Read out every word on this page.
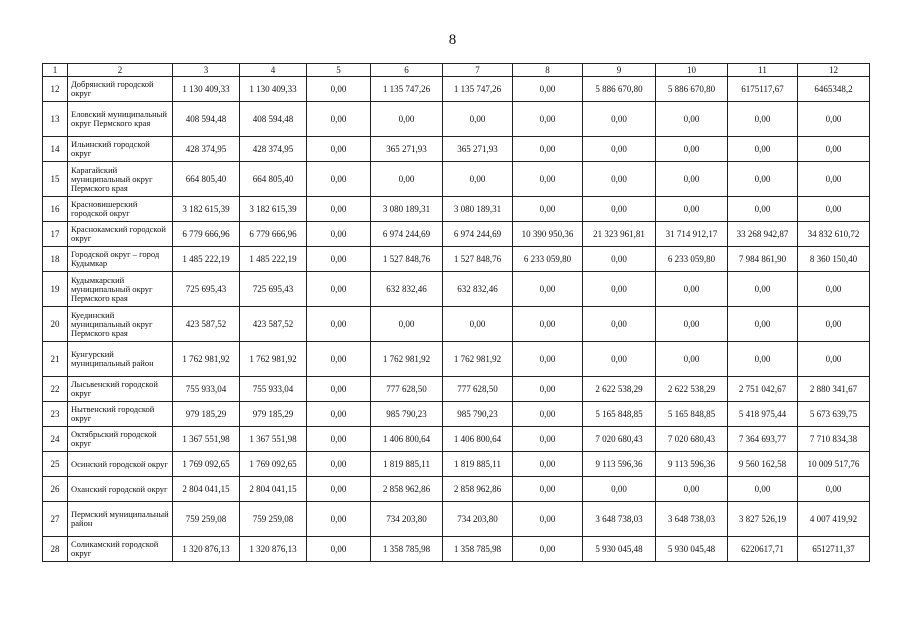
8
1	2	3	4	5	6	7	8	9	10	11	12
12	Добрянский городской округ	1 130 409,33	1 130 409,33	0,00	1 135 747,26	1 135 747,26	0,00	5 886 670,80	5 886 670,80	6175117,67	6465348,2
13	Еловский муниципальный округ Пермского края	408 594,48	408 594,48	0,00	0,00	0,00	0,00	0,00	0,00	0,00	0,00
14	Ильинский городской округ	428 374,95	428 374,95	0,00	365 271,93	365 271,93	0,00	0,00	0,00	0,00	0,00
15	Карагайский муниципальный округ Пермского края	664 805,40	664 805,40	0,00	0,00	0,00	0,00	0,00	0,00	0,00	0,00
16	Красновишерский городской округ	3 182 615,39	3 182 615,39	0,00	3 080 189,31	3 080 189,31	0,00	0,00	0,00	0,00	0,00
17	Краснокамский городской округ	6 779 666,96	6 779 666,96	0,00	6 974 244,69	6 974 244,69	10 390 950,36	21 323 961,81	31 714 912,17	33 268 942,87	34 832 610,72
18	Городской округ – город Кудымкар	1 485 222,19	1 485 222,19	0,00	1 527 848,76	1 527 848,76	6 233 059,80	0,00	6 233 059,80	7 984 861,90	8 360 150,40
19	Кудымкарский муниципальный округ Пермского края	725 695,43	725 695,43	0,00	632 832,46	632 832,46	0,00	0,00	0,00	0,00	0,00
20	Куединский муниципальный округ Пермского края	423 587,52	423 587,52	0,00	0,00	0,00	0,00	0,00	0,00	0,00	0,00
21	Кунгурский муниципальный район	1 762 981,92	1 762 981,92	0,00	1 762 981,92	1 762 981,92	0,00	0,00	0,00	0,00	0,00
22	Лысьвенский городской округ	755 933,04	755 933,04	0,00	777 628,50	777 628,50	0,00	2 622 538,29	2 622 538,29	2 751 042,67	2 880 341,67
23	Нытвенский городской округ	979 185,29	979 185,29	0,00	985 790,23	985 790,23	0,00	5 165 848,85	5 165 848,85	5 418 975,44	5 673 639,75
24	Октябрьский городской округ	1 367 551,98	1 367 551,98	0,00	1 406 800,64	1 406 800,64	0,00	7 020 680,43	7 020 680,43	7 364 693,77	7 710 834,38
25	Осинский городской округ	1 769 092,65	1 769 092,65	0,00	1 819 885,11	1 819 885,11	0,00	9 113 596,36	9 113 596,36	9 560 162,58	10 009 517,76
26	Оханский городской округ	2 804 041,15	2 804 041,15	0,00	2 858 962,86	2 858 962,86	0,00	0,00	0,00	0,00	0,00
27	Пермский муниципальный район	759 259,08	759 259,08	0,00	734 203,80	734 203,80	0,00	3 648 738,03	3 648 738,03	3 827 526,19	4 007 419,92
28	Соликамский городской округ	1 320 876,13	1 320 876,13	0,00	1 358 785,98	1 358 785,98	0,00	5 930 045,48	5 930 045,48	6220617,71	6512711,37
